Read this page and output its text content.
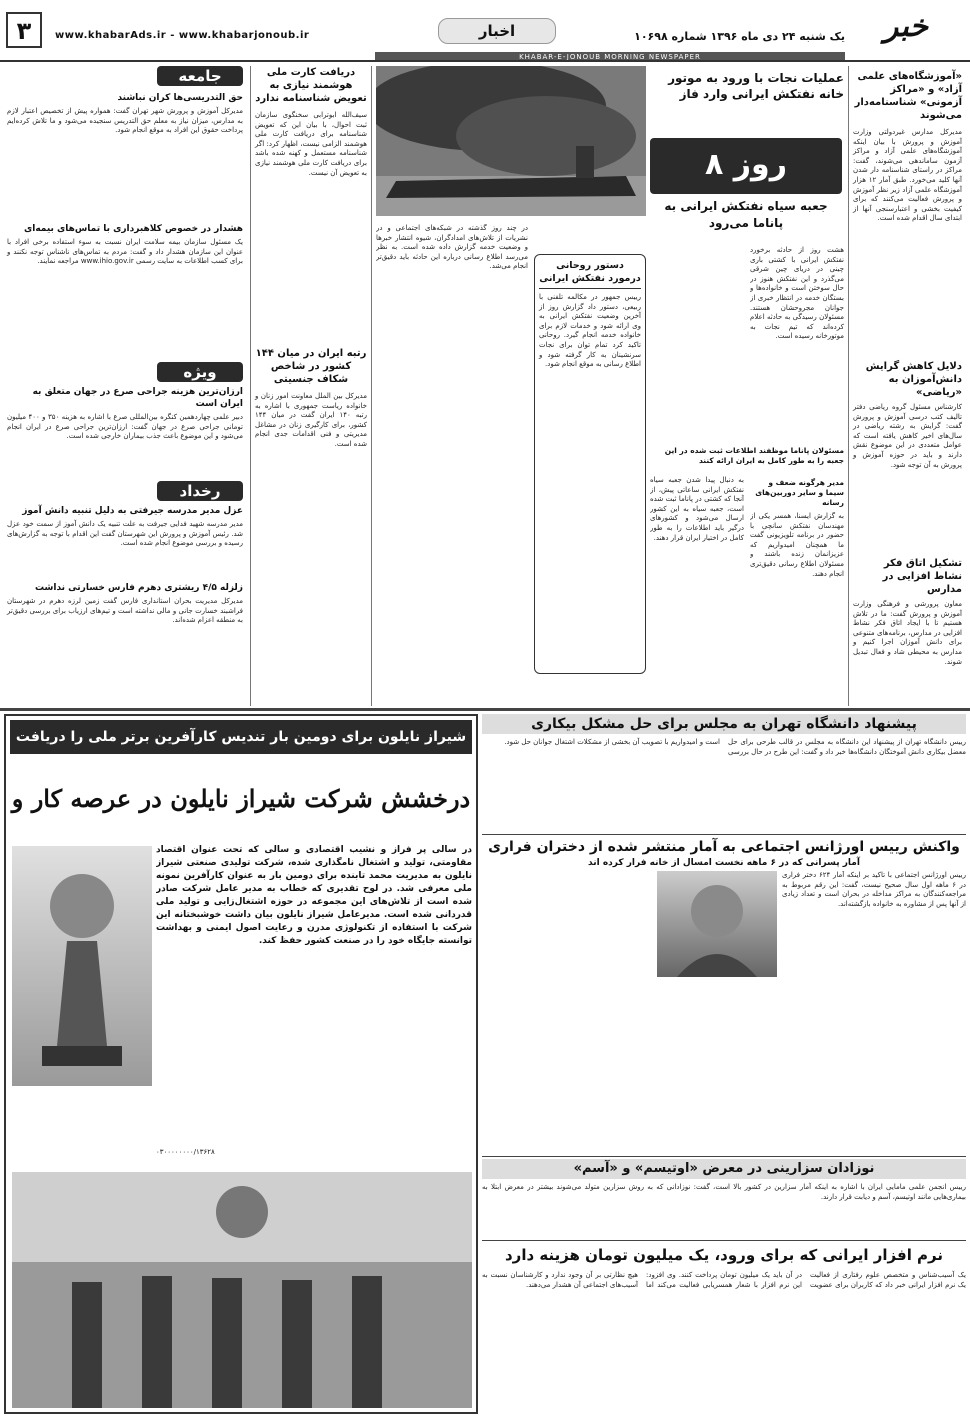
۳	www.khabarAds.ir - www.khabarjonoub.ir	اخبار	یک شنبه ۲۴ دی ماه ۱۳۹۶ شماره ۱۰۶۹۸	خبر
KHABAR-E-JONOUB MORNING NEWSPAPER
«آموزشگاه‌های علمی آزاد» و «مراکز آزمونی» شناسنامه‌دار می‌شوند
مدیرکل مدارس غیردولتی وزارت آموزش و پرورش با بیان اینکه آموزشگاه‌های علمی آزاد و مراکز آزمون ساماندهی می‌شوند، گفت: مراکز در راستای شناسنامه دار شدن آنها کلید می‌خورد. طبق آمار ۱۲ هزار آموزشگاه علمی آزاد زیر نظر آموزش و پرورش فعالیت می‌کنند که برای کیفیت بخشی و اعتبارسنجی آنها از ابتدای سال اقدام شده است.
دلایل کاهش گرایش دانش‌آموزان به «ریاضی»
کارشناس مسئول گروه ریاضی دفتر تالیف کتب درسی آموزش و پرورش گفت: گرایش به رشته ریاضی در سال‌های اخیر کاهش یافته است که عوامل متعددی در این موضوع نقش دارند و باید در حوزه آموزش و پرورش به آن توجه شود.
تشکیل اتاق فکر نشاط افزایی در مدارس
معاون پرورشی و فرهنگی وزارت آموزش و پرورش گفت: ما در تلاش هستیم تا با ایجاد اتاق فکر نشاط افزایی در مدارس، برنامه‌های متنوعی برای دانش آموزان اجرا کنیم و مدارس به محیطی شاد و فعال تبدیل شوند.
عملیات نجات با ورود به موتور خانه نفتکش ایرانی وارد فاز
۸ روز
جعبه سیاه نفتکش ایرانی به پاناما می‌رود
هشت روز از حادثه برخورد نفتکش ایرانی با کشتی باری چینی در دریای چین شرقی می‌گذرد و این نفتکش هنوز در حال سوختن است و خانواده‌ها و بستگان خدمه در انتظار خبری از جوانان مجروحشان هستند. مسئولان رسیدگی به حادثه اعلام کرده‌اند که تیم نجات به موتورخانه رسیده است.
مسئولان پاناما موظفند اطلاعات ثبت شده در این جعبه را به طور کامل به ایران ارائه کنند
به دنبال پیدا شدن جعبه سیاه نفتکش ایرانی ساعاتی پیش، از آنجا که کشتی در پاناما ثبت شده است، جعبه سیاه به این کشور ارسال می‌شود و کشورهای درگیر باید اطلاعات را به طور کامل در اختیار ایران قرار دهند.
مدیر هرگونه ضعف و سیما و سایر دوربین‌های رسانه
به گزارش ایسنا، همسر یکی از مهندسان نفتکش سانچی با حضور در برنامه تلویزیونی گفت ما همچنان امیدواریم که عزیزانمان زنده باشند و مسئولان اطلاع رسانی دقیق‌تری انجام دهند.
دستور روحانی درمورد نفتکش ایرانی
رییس جمهور در مکالمه تلفنی با ربیعی، دستور داد گزارش روز از آخرین وضعیت نفتکش ایرانی به وی ارائه شود و خدمات لازم برای خانواده خدمه انجام گیرد. روحانی تاکید کرد تمام توان برای نجات سرنشینان به کار گرفته شود و اطلاع رسانی به موقع انجام شود.
در چند روز گذشته در شبکه‌های اجتماعی و در نشریات از تلاش‌های امدادگران، شیوه انتشار خبرها و وضعیت خدمه گزارش داده شده است. به نظر می‌رسد اطلاع رسانی درباره این حادثه باید دقیق‌تر انجام می‌شد.
دریافت کارت ملی هوشمند نیازی به تعویض شناسنامه ندارد
سیف‌الله ابوترابی سخنگوی سازمان ثبت احوال، با بیان این که تعویض شناسنامه برای دریافت کارت ملی هوشمند الزامی نیست، اظهار کرد: اگر شناسنامه مستعمل و کهنه شده باشد برای دریافت کارت ملی هوشمند نیازی به تعویض آن نیست.
رتبه ایران در میان ۱۴۴ کشور در شاخص شکاف جنسیتی
مدیرکل بین الملل معاونت امور زنان و خانواده ریاست جمهوری با اشاره به رتبه ۱۴۰ ایران گفت در میان ۱۴۴ کشور، برای کارگیری زنان در مشاغل مدیریتی و فنی اقدامات جدی انجام شده است.
جامعه
حق التدریسی‌ها کران نباشند
مدیرکل آموزش و پرورش شهر تهران گفت: همواره پیش از تخصیص اعتبار لازم به مدارس، میزان نیاز به معلم حق التدریس سنجیده می‌شود و ما تلاش کرده‌ایم پرداخت حقوق این افراد به موقع انجام شود.
هشدار در خصوص کلاهبرداری با تماس‌های بیمه‌ای
یک مسئول سازمان بیمه سلامت ایران نسبت به سوء استفاده برخی افراد با عنوان این سازمان هشدار داد و گفت: مردم به تماس‌های ناشناس توجه نکنند و برای کسب اطلاعات به سایت رسمی www.ihio.gov.ir مراجعه نمایند.
ویژه
ارزان‌ترین هزینه جراحی صرع در جهان متعلق به ایران است
دبیر علمی چهاردهمین کنگره بین‌المللی صرع با اشاره به هزینه ۳۵۰ و ۴۰۰ میلیون تومانی جراحی صرع در جهان گفت: ارزان‌ترین جراحی صرع در ایران انجام می‌شود و این موضوع باعث جذب بیماران خارجی شده است.
رخداد
عزل مدیر مدرسه جیرفتی به دلیل تنبیه دانش آموز
مدیر مدرسه شهید فدایی جیرفت به علت تنبیه یک دانش آموز از سمت خود عزل شد. رئیس آموزش و پرورش این شهرستان گفت این اقدام با توجه به گزارش‌های رسیده و بررسی موضوع انجام شده است.
زلزله ۴/۵ ریشتری دهرم فارس خسارتی نداشت
مدیرکل مدیریت بحران استانداری فارس گفت زمین لرزه دهرم در شهرستان فراشبند خسارت جانی و مالی نداشته است و تیم‌های ارزیاب برای بررسی دقیق‌تر به منطقه اعزام شده‌اند.
شیراز نایلون برای دومین بار تندیس کارآفرین برتر ملی را دریافت
درخشش شرکت شیراز نایلون در عرصه کار و
در سالی پر فراز و نشیب اقتصادی و سالی که تحت عنوان اقتصاد مقاومتی، تولید و اشتغال نامگذاری شده، شرکت تولیدی صنعتی شیراز نایلون به مدیریت محمد تابنده برای دومین بار به عنوان کارآفرین نمونه ملی معرفی شد. در لوح تقدیری که خطاب به مدیر عامل شرکت صادر شده است از تلاش‌های این مجموعه در حوزه اشتغال‌زایی و تولید ملی قدردانی شده است. مدیرعامل شیراز نایلون بیان داشت خوشبختانه این شرکت با استفاده از تکنولوژی مدرن و رعایت اصول ایمنی و بهداشت توانسته جایگاه خود را در صنعت کشور حفظ کند.
۰۳۰۰۰۰۰۰۰۰/۱۳۶۲۸
پیشنهاد دانشگاه تهران به مجلس برای حل مشکل بیکاری
رییس دانشگاه تهران از پیشنهاد این دانشگاه به مجلس در قالب طرحی برای حل معضل بیکاری دانش آموختگان دانشگاه‌ها خبر داد و گفت: این طرح در حال بررسی است و امیدواریم با تصویب آن بخشی از مشکلات اشتغال جوانان حل شود.
واکنش رییس اورژانس اجتماعی به آمار منتشر شده از دختران فراری
آمار پسرانی که در ۶ ماهه نخست امسال از خانه فرار کرده اند
رییس اورژانس اجتماعی با تاکید بر اینکه آمار ۶۲۴ دختر فراری در ۶ ماهه اول سال صحیح نیست، گفت: این رقم مربوط به مراجعه‌کنندگان به مراکز مداخله در بحران است و تعداد زیادی از آنها پس از مشاوره به خانواده بازگشته‌اند.
نوزادان سزارینی در معرض «اوتیسم» و «آسم»
رییس انجمن علمی مامایی ایران با اشاره به اینکه آمار سزارین در کشور بالا است، گفت: نوزادانی که به روش سزارین متولد می‌شوند بیشتر در معرض ابتلا به بیماری‌هایی مانند اوتیسم، آسم و دیابت قرار دارند.
نرم افزار ایرانی که برای ورود، یک میلیون تومان هزینه دارد
یک آسیب‌شناس و متخصص علوم رفتاری از فعالیت یک نرم افزار ایرانی خبر داد که کاربران برای عضویت در آن باید یک میلیون تومان پرداخت کنند. وی افزود: این نرم افزار با شعار همسریابی فعالیت می‌کند اما هیچ نظارتی بر آن وجود ندارد و کارشناسان نسبت به آسیب‌های اجتماعی آن هشدار می‌دهند.
